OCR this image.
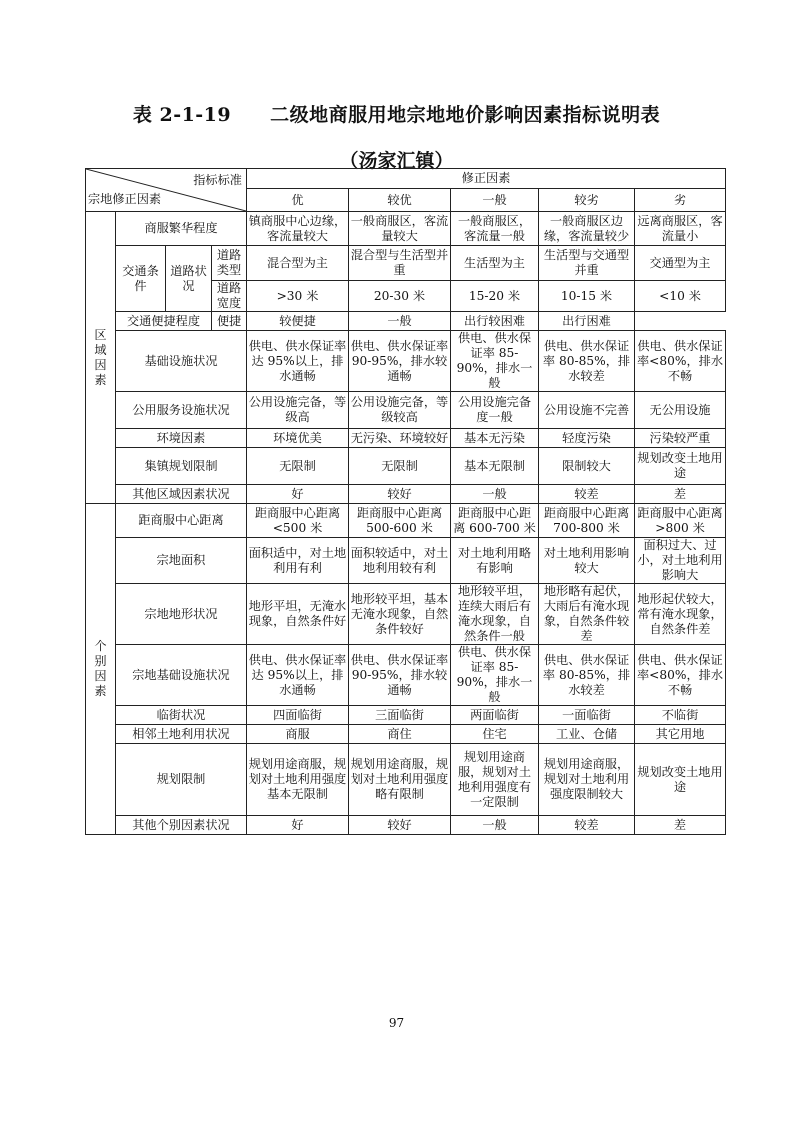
表 2-1-19　　二级地商服用地宗地地价影响因素指标说明表
（汤家汇镇）
指标标准
宗地修正因素				修正因素				
				优	较优	一般	较劣	劣
区
域
因
素	商服繁华程度			镇商服中心边缘，客流量较大	一般商服区，客流量较大	一般商服区，客流量一般	一般商服区边缘，客流量较少	远离商服区，客流量小
	交通条件	道路状况	道路类型	混合型为主	混合型与生活型并重	生活型为主	生活型与交通型并重	交通型为主
			道路宽度	>30 米	20-30 米	15-20 米	10-15 米	<10 米
	交通便捷程度		便捷	较便捷	一般	出行较困难	出行困难	
	基础设施状况			供电、供水保证率达 95%以上，排水通畅	供电、供水保证率 90-95%，排水较通畅	供电、供水保证率 85-90%，排水一般	供电、供水保证率 80-85%，排水较差	供电、供水保证率<80%，排水不畅
	公用服务设施状况			公用设施完备，等级高	公用设施完备，等级较高	公用设施完备度一般	公用设施不完善	无公用设施
	环境因素			环境优美	无污染、环境较好	基本无污染	轻度污染	污染较严重
	集镇规划限制			无限制	无限制	基本无限制	限制较大	规划改变土地用途
	其他区域因素状况			好	较好	一般	较差	差
个
别
因
素	距商服中心距离			距商服中心距离<500 米	距商服中心距离 500-600 米	距商服中心距离 600-700 米	距商服中心距离 700-800 米	距商服中心距离>800 米
	宗地面积			面积适中，对土地利用有利	面积较适中，对土地利用较有利	对土地利用略有影响	对土地利用影响较大	面积过大、过小，对土地利用影响大
	宗地地形状况			地形平坦，无淹水现象，自然条件好	地形较平坦，基本无淹水现象，自然条件较好	地形较平坦，连续大雨后有淹水现象，自然条件一般	地形略有起伏，大雨后有淹水现象，自然条件较差	地形起伏较大，常有淹水现象，自然条件差
	宗地基础设施状况			供电、供水保证率达 95%以上，排水通畅	供电、供水保证率 90-95%，排水较通畅	供电、供水保证率 85-90%，排水一般	供电、供水保证率 80-85%，排水较差	供电、供水保证率<80%，排水不畅
	临街状况			四面临街	三面临街	两面临街	一面临街	不临街
	相邻土地利用状况			商服	商住	住宅	工业、仓储	其它用地
	规划限制			规划用途商服，规划对土地利用强度基本无限制	规划用途商服，规划对土地利用强度略有限制	规划用途商服，规划对土地利用强度有一定限制	规划用途商服，规划对土地利用强度限制较大	规划改变土地用途
	其他个别因素状况			好	较好	一般	较差	差
97
